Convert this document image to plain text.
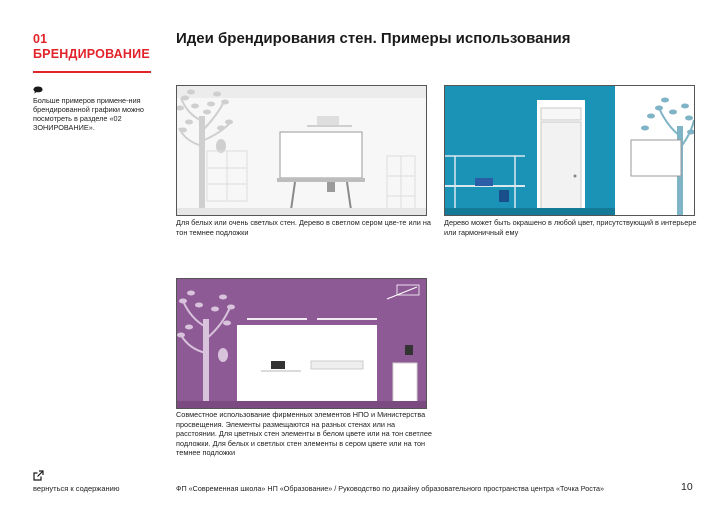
01
БРЕНДИРОВАНИЕ
Идеи брендирования стен. Примеры использования
Больше примеров примене-ния брендированной графики можно посмотреть в разделе «02 ЗОНИРОВАНИЕ».
Для белых или очень светлых стен. Дерево в светлом сером цве-те или на тон темнее подложки
Дерево может быть окрашено в любой цвет, присутствующий в интерьере или гармоничный ему
Совместное использование фирменных элементов НПО и Министерства просвещения. Элементы размещаются на разных стенах или на расстоянии. Для цветных стен элементы в белом цвете или на тон светлее подложки. Для белых и светлых стен элементы в сером цвете или на тон темнее подложки
вернуться к содержанию	ФП «Современная школа» НП «Образование» / Руководство по дизайну образовательного пространства центра «Точка Роста»	10
